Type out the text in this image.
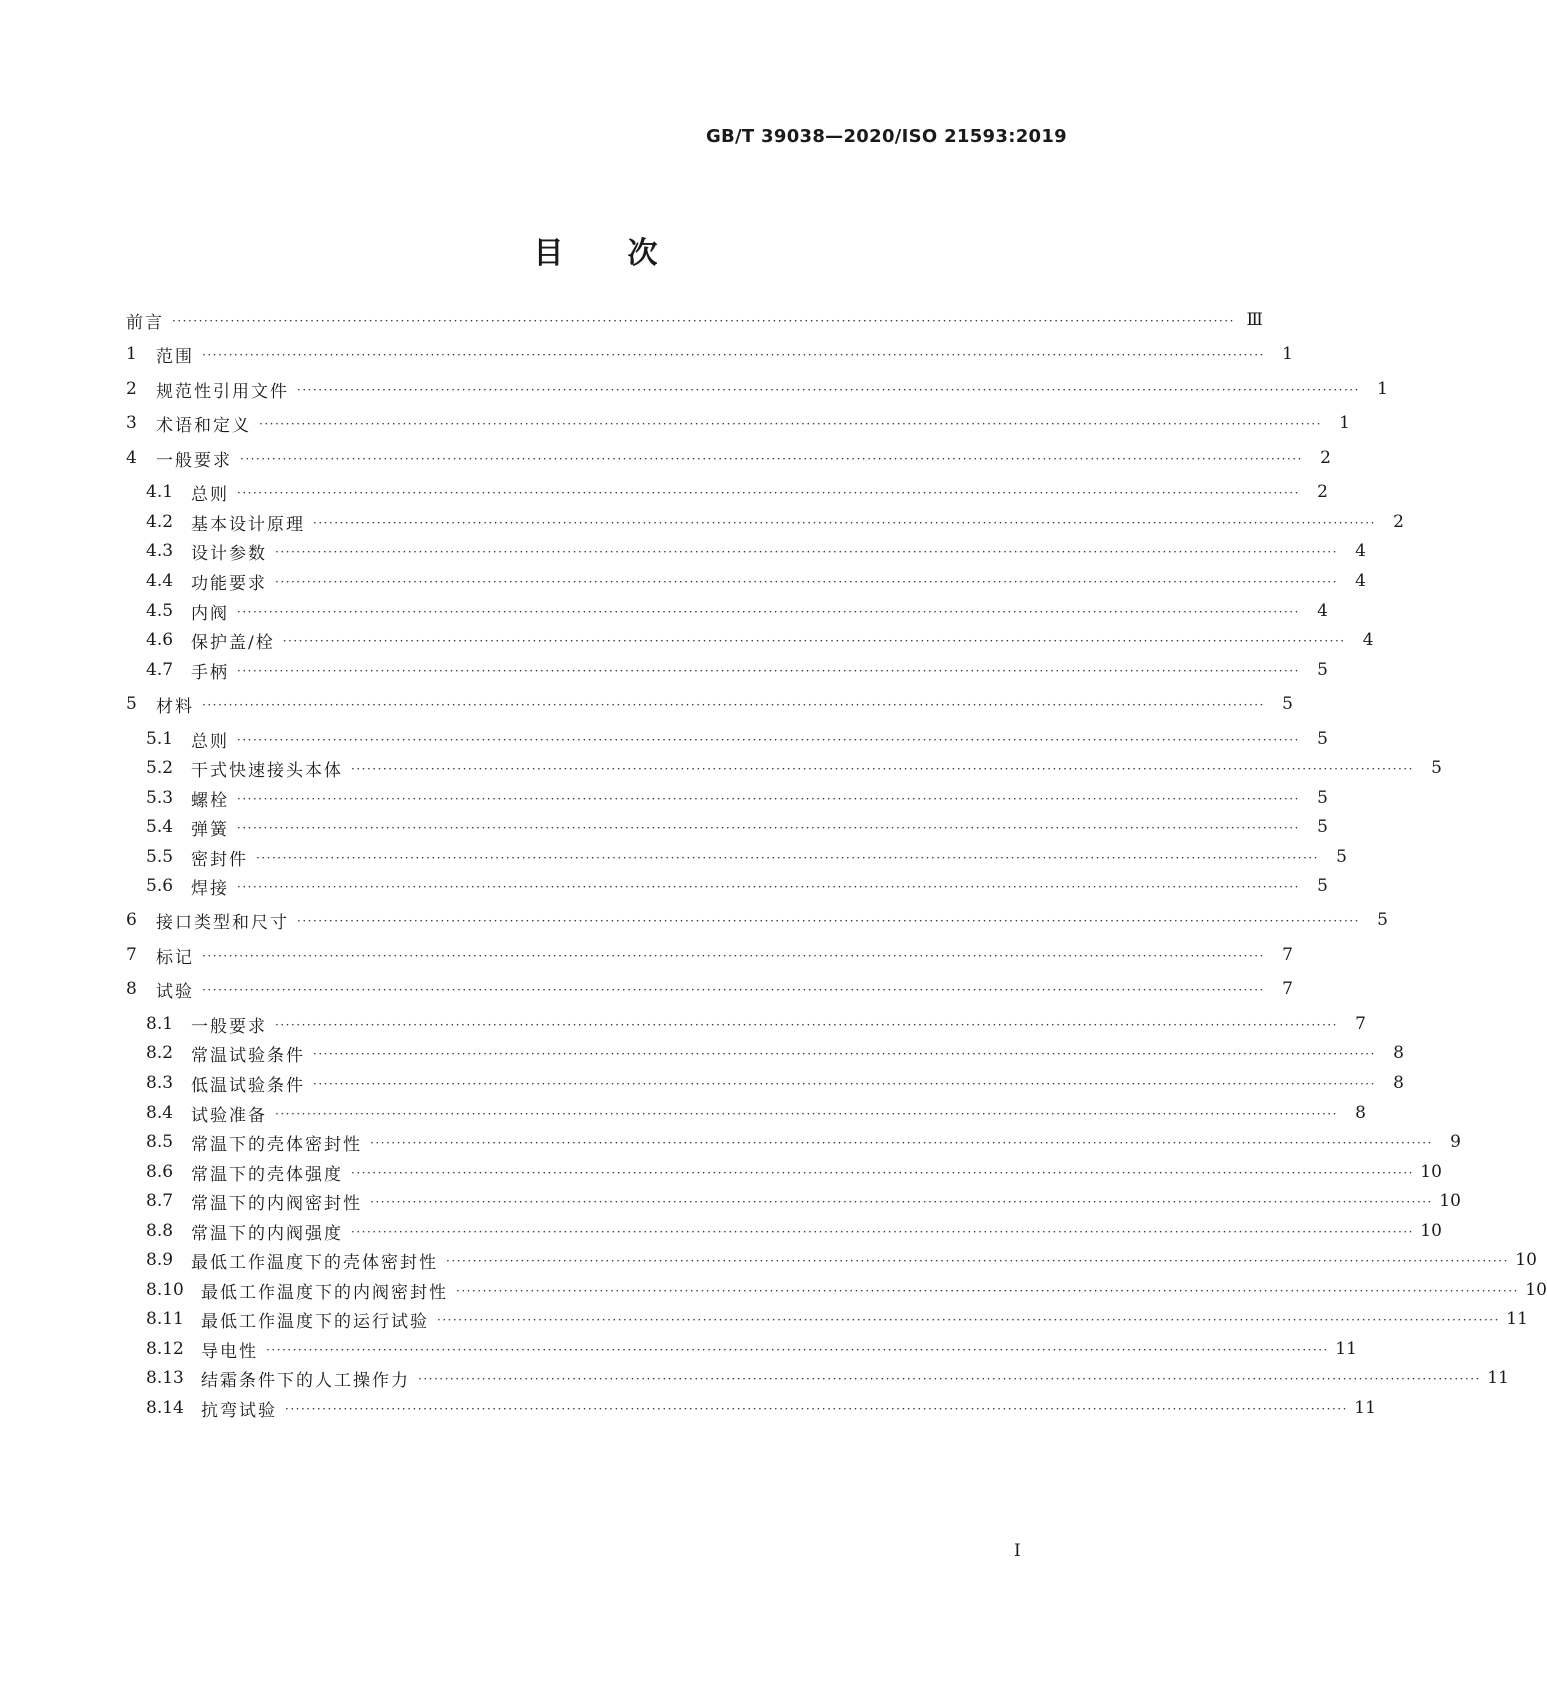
GB/T 39038—2020/ISO 21593:2019
目 次
前言 ········································································································································································································ Ⅲ
1	范围 ········································································································································································································	1
2	规范性引用文件 ········································································································································································································	1
3	术语和定义 ········································································································································································································	1
4	一般要求 ········································································································································································································	2
4.1	总则 ········································································································································································································	2
4.2	基本设计原理 ········································································································································································································	2
4.3	设计参数 ········································································································································································································	4
4.4	功能要求 ········································································································································································································	4
4.5	内阀 ········································································································································································································	4
4.6	保护盖/栓 ········································································································································································································	4
4.7	手柄 ········································································································································································································	5
5	材料 ········································································································································································································	5
5.1	总则 ········································································································································································································	5
5.2	干式快速接头本体 ········································································································································································································	5
5.3	螺栓 ········································································································································································································	5
5.4	弹簧 ········································································································································································································	5
5.5	密封件 ········································································································································································································	5
5.6	焊接 ········································································································································································································	5
6	接口类型和尺寸 ········································································································································································································	5
7	标记 ········································································································································································································	7
8	试验 ········································································································································································································	7
8.1	一般要求 ········································································································································································································	7
8.2	常温试验条件 ········································································································································································································	8
8.3	低温试验条件 ········································································································································································································	8
8.4	试验准备 ········································································································································································································	8
8.5	常温下的壳体密封性 ········································································································································································································	9
8.6	常温下的壳体强度 ········································································································································································································ 10
8.7	常温下的内阀密封性 ········································································································································································································ 10
8.8	常温下的内阀强度 ········································································································································································································ 10
8.9	最低工作温度下的壳体密封性 ········································································································································································································ 10
8.10	最低工作温度下的内阀密封性 ········································································································································································································ 10
8.11	最低工作温度下的运行试验 ········································································································································································································ 11
8.12	导电性 ········································································································································································································ 11
8.13	结霜条件下的人工操作力 ········································································································································································································ 11
8.14	抗弯试验 ········································································································································································································ 11
I
